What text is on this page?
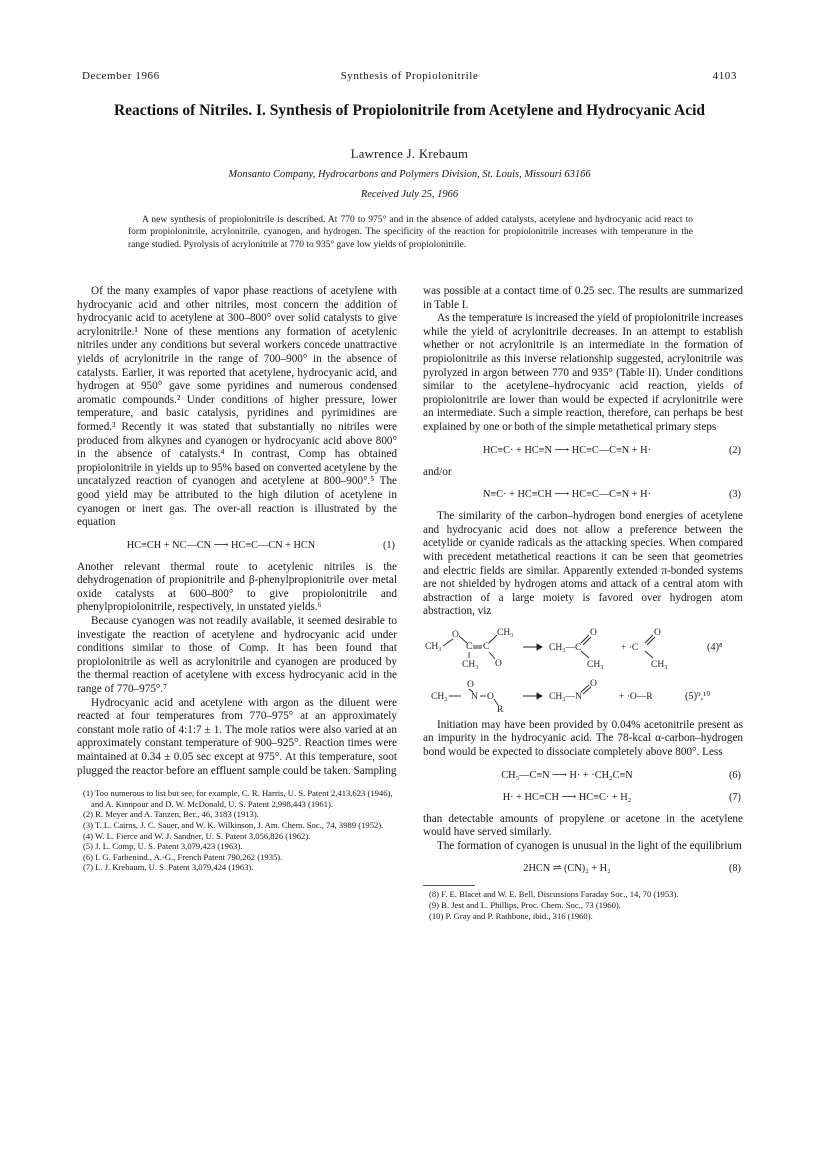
December 1966	Synthesis of Propiolonitrile	4103
Reactions of Nitriles. I. Synthesis of Propiolonitrile from Acetylene and Hydrocyanic Acid
Lawrence J. Krebaum
Monsanto Company, Hydrocarbons and Polymers Division, St. Louis, Missouri 63166
Received July 25, 1966
A new synthesis of propiolonitrile is described. At 770 to 975° and in the absence of added catalysts, acetylene and hydrocyanic acid react to form propiolonitrile, acrylonitrile, cyanogen, and hydrogen. The specificity of the reaction for propiolonitrile increases with temperature in the range studied. Pyrolysis of acrylonitrile at 770 to 935° gave low yields of propiolonitrile.

Of the many examples of vapor phase reactions of acetylene with hydrocyanic acid and other nitriles, most concern the addition of hydrocyanic acid to acetylene at 300–800° over solid catalysts to give acrylonitrile.¹ None of these mentions any formation of acetylenic nitriles under any conditions but several workers concede unattractive yields of acrylonitrile in the range of 700–900° in the absence of catalysts. Earlier, it was reported that acetylene, hydrocyanic acid, and hydrogen at 950° gave some pyridines and numerous condensed aromatic compounds.² Under conditions of higher pressure, lower temperature, and basic catalysis, pyridines and pyrimidines are formed.³ Recently it was stated that substantially no nitriles were produced from alkynes and cyanogen or hydrocyanic acid above 800° in the absence of catalysts.⁴ In contrast, Comp has obtained propiolonitrile in yields up to 95% based on converted acetylene by the uncatalyzed reaction of cyanogen and acetylene at 800–900°.⁵ The good yield may be attributed to the high dilution of acetylene in cyanogen or inert gas. The over-all reaction is illustrated by the equation

HC≡CH + NC—CN ⟶ HC≡C—CN + HCN	(1)

Another relevant thermal route to acetylenic nitriles is the dehydrogenation of propionitrile and β-phenylpropionitrile over metal oxide catalysts at 600–800° to give propiolonitrile and phenylpropiolonitrile, respectively, in unstated yields.⁶

Because cyanogen was not readily available, it seemed desirable to investigate the reaction of acetylene and hydrocyanic acid under conditions similar to those of Comp. It has been found that propiolonitrile as well as acrylonitrile and cyanogen are produced by the thermal reaction of acetylene with excess hydrocyanic acid in the range of 770–975°.⁷

Hydrocyanic acid and acetylene with argon as the diluent were reacted at four temperatures from 770–975° at an approximately constant mole ratio of 4:1:7 ± 1. The mole ratios were also varied at an approximately constant temperature of 900–925°. Reaction times were maintained at 0.34 ± 0.05 sec except at 975°. At this temperature, soot plugged the reactor before an effluent sample could be taken. Sampling

(1) Too numerous to list but see, for example, C. R. Harris, U. S. Patent 2,413,623 (1946), and A. Kinnpour and D. W. McDonald, U. S. Patent 2,998,443 (1961).
(2) R. Meyer and A. Tanzen, Ber., 46, 3183 (1913).
(3) T. L. Cairns, J. C. Sauer, and W. K. Wilkinson, J. Am. Chem. Soc., 74, 3989 (1952).
(4) W. L. Fierce and W. J. Sandner, U. S. Patent 3,056,826 (1962).
(5) J. L. Comp, U. S. Patent 3,079,423 (1963).
(6) I. G. Farbenind., A.-G., French Patent 790,262 (1935).
(7) L. J. Krebaum, U. S. Patent 3,079,424 (1963).

was possible at a contact time of 0.25 sec. The results are summarized in Table I.

As the temperature is increased the yield of propiolonitrile increases while the yield of acrylonitrile decreases. In an attempt to establish whether or not acrylonitrile is an intermediate in the formation of propiolonitrile as this inverse relationship suggested, acrylonitrile was pyrolyzed in argon between 770 and 935° (Table II). Under conditions similar to the acetylene–hydrocyanic acid reaction, yields of propiolonitrile are lower than would be expected if acrylonitrile were an intermediate. Such a simple reaction, therefore, can perhaps be best explained by one or both of the simple metathetical primary steps

HC≡C· + HC≡N ⟶ HC≡C—C≡N + H·	(2)

and/or

N≡C· + HC≡CH ⟶ HC≡C—C≡N + H·	(3)

The similarity of the carbon–hydrogen bond energies of acetylene and hydrocyanic acid does not allow a preference between the acetylide or cyanide radicals as the attacking species. When compared with precedent metathetical reactions it can be seen that geometries and electric fields are similar. Apparently extended π-bonded systems are not shielded by hydrogen atoms and attack of a central atom with abstraction of a large moiety is favored over hydrogen atom abstraction, viz

CH₃
O
C C
CH₃
CH₃ O
CH₃—C
O
CH₃
+ ·C
O
CH₃
(4)⁸
CH₃
O
N O
R
CH₃—N
O
+ ·O—R	(5)⁹,¹⁰

Initiation may have been provided by 0.04% acetonitrile present as an impurity in the hydrocyanic acid. The 78-kcal α-carbon–hydrogen bond would be expected to dissociate completely above 800°. Less

CH₃—C≡N ⟶ H· + ·CH₂C≡N	(6)
H· + HC≡CH ⟶ HC≡C· + H₂	(7)

than detectable amounts of propylene or acetone in the acetylene would have served similarly.

The formation of cyanogen is unusual in the light of the equilibrium

2HCN ⇌ (CN)₂ + H₂	(8)
(8) F. E. Blacet and W. E. Bell, Discussions Faraday Soc., 14, 70 (1953).
(9) B. Jest and L. Phillips, Proc. Chem. Soc., 73 (1960).
(10) P. Gray and P. Rathbone, ibid., 316 (1960).
